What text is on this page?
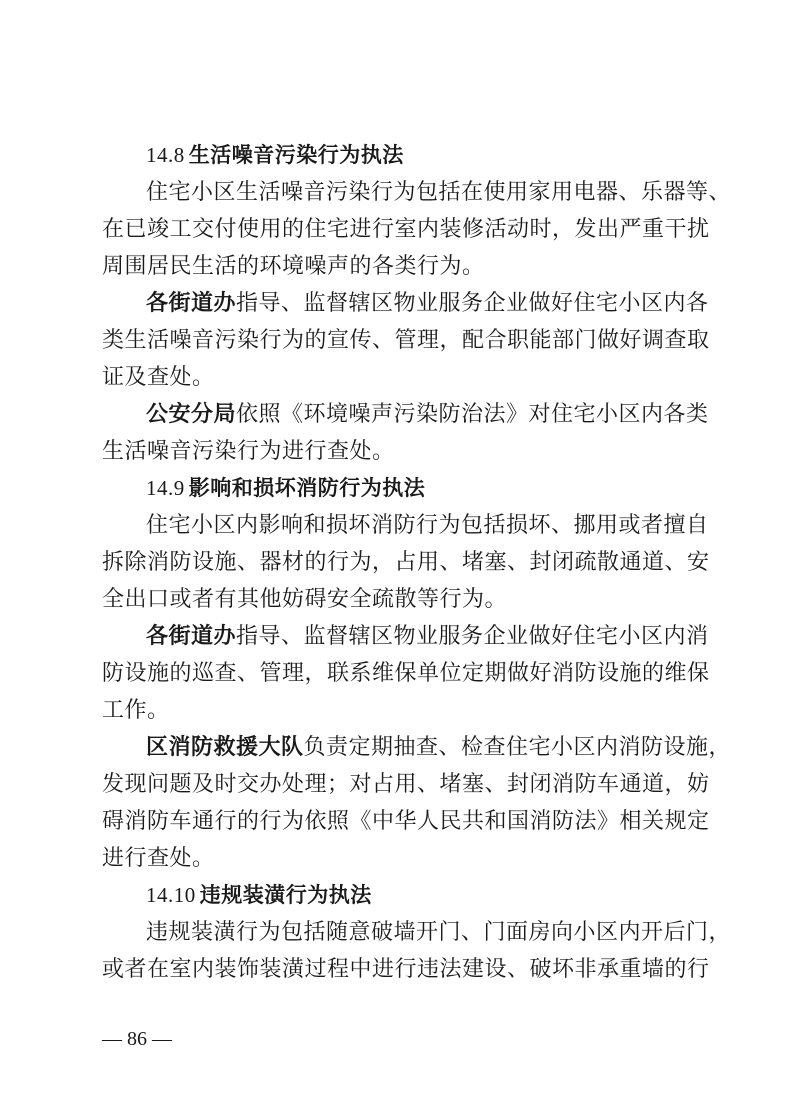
14.8 生活噪音污染行为执法
住宅小区生活噪音污染行为包括在使用家用电器、乐器等、
在已竣工交付使用的住宅进行室内装修活动时，发出严重干扰
周围居民生活的环境噪声的各类行为。
各街道办指导、监督辖区物业服务企业做好住宅小区内各
类生活噪音污染行为的宣传、管理，配合职能部门做好调查取
证及查处。
公安分局依照《环境噪声污染防治法》对住宅小区内各类
生活噪音污染行为进行查处。
14.9 影响和损坏消防行为执法
住宅小区内影响和损坏消防行为包括损坏、挪用或者擅自
拆除消防设施、器材的行为，占用、堵塞、封闭疏散通道、安
全出口或者有其他妨碍安全疏散等行为。
各街道办指导、监督辖区物业服务企业做好住宅小区内消
防设施的巡查、管理，联系维保单位定期做好消防设施的维保
工作。
区消防救援大队负责定期抽查、检查住宅小区内消防设施，
发现问题及时交办处理；对占用、堵塞、封闭消防车通道，妨
碍消防车通行的行为依照《中华人民共和国消防法》相关规定
进行查处。
14.10 违规装潢行为执法
违规装潢行为包括随意破墙开门、门面房向小区内开后门，
或者在室内装饰装潢过程中进行违法建设、破坏非承重墙的行
— 86 —
